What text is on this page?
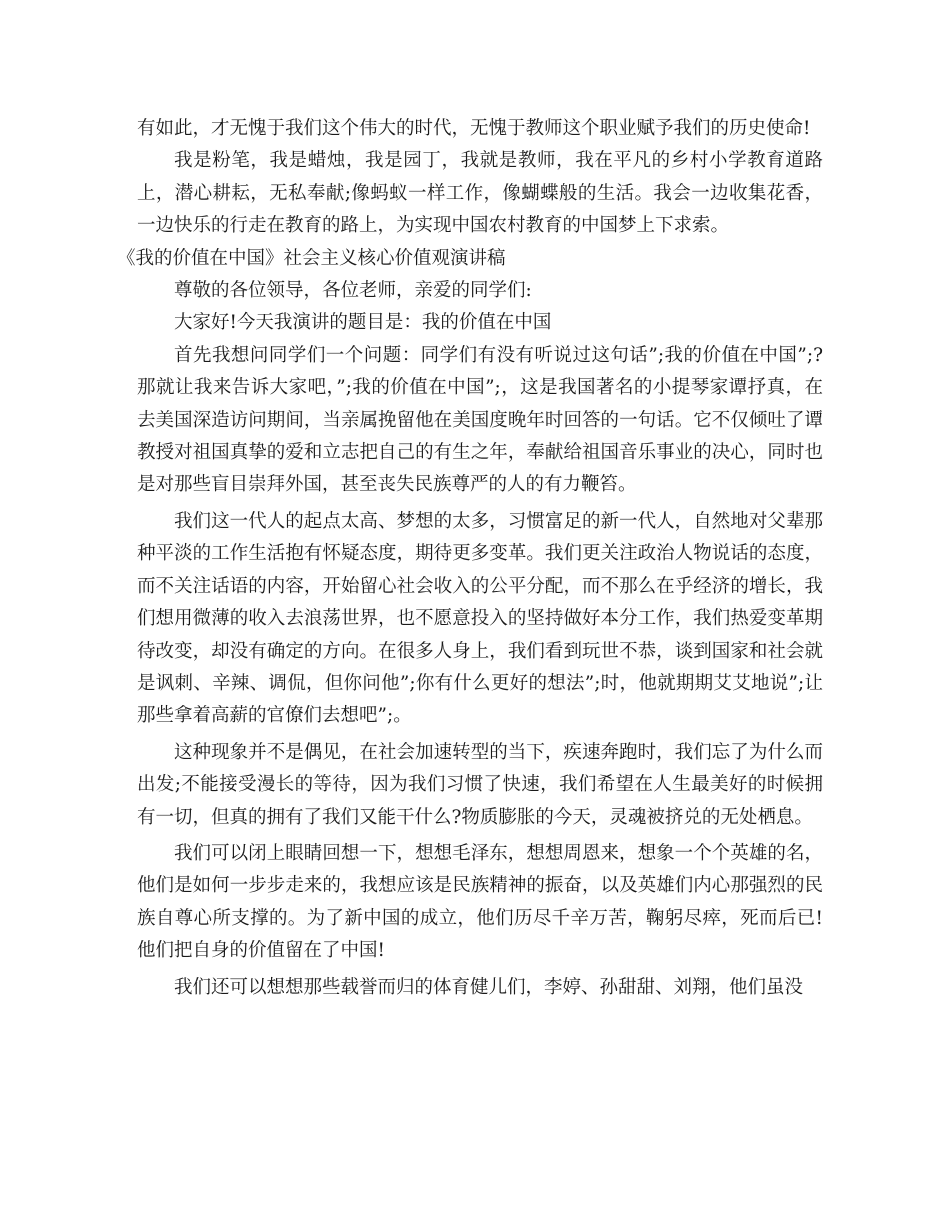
有如此，才无愧于我们这个伟大的时代，无愧于教师这个职业赋予我们的历史使命!

我是粉笔，我是蜡烛，我是园丁，我就是教师，我在平凡的乡村小学教育道路上，潜心耕耘，无私奉献;像蚂蚁一样工作，像蝴蝶般的生活。我会一边收集花香，一边快乐的行走在教育的路上，为实现中国农村教育的中国梦上下求索。

《我的价值在中国》社会主义核心价值观演讲稿

尊敬的各位领导，各位老师，亲爱的同学们:

大家好!今天我演讲的题目是：我的价值在中国

首先我想问同学们一个问题：同学们有没有听说过这句话”;我的价值在中国”;?那就让我来告诉大家吧，”;我的价值在中国”;，这是我国著名的小提琴家谭抒真，在去美国深造访问期间，当亲属挽留他在美国度晚年时回答的一句话。它不仅倾吐了谭教授对祖国真挚的爱和立志把自己的有生之年，奉献给祖国音乐事业的决心，同时也是对那些盲目崇拜外国，甚至丧失民族尊严的人的有力鞭笞。

我们这一代人的起点太高、梦想的太多，习惯富足的新一代人，自然地对父辈那种平淡的工作生活抱有怀疑态度，期待更多变革。我们更关注政治人物说话的态度，而不关注话语的内容，开始留心社会收入的公平分配，而不那么在乎经济的增长，我们想用微薄的收入去浪荡世界，也不愿意投入的坚持做好本分工作，我们热爱变革期待改变，却没有确定的方向。在很多人身上，我们看到玩世不恭，谈到国家和社会就是讽刺、辛辣、调侃，但你问他”;你有什么更好的想法”;时，他就期期艾艾地说”;让那些拿着高薪的官僚们去想吧”;。

这种现象并不是偶见，在社会加速转型的当下，疾速奔跑时，我们忘了为什么而出发;不能接受漫长的等待，因为我们习惯了快速，我们希望在人生最美好的时候拥有一切，但真的拥有了我们又能干什么?物质膨胀的今天，灵魂被挤兑的无处栖息。

我们可以闭上眼睛回想一下，想想毛泽东，想想周恩来，想象一个个英雄的名，他们是如何一步步走来的，我想应该是民族精神的振奋，以及英雄们内心那强烈的民族自尊心所支撑的。为了新中国的成立，他们历尽千辛万苦，鞠躬尽瘁，死而后已!他们把自身的价值留在了中国!

我们还可以想想那些载誉而归的体育健儿们，李婷、孙甜甜、刘翔，他们虽没
